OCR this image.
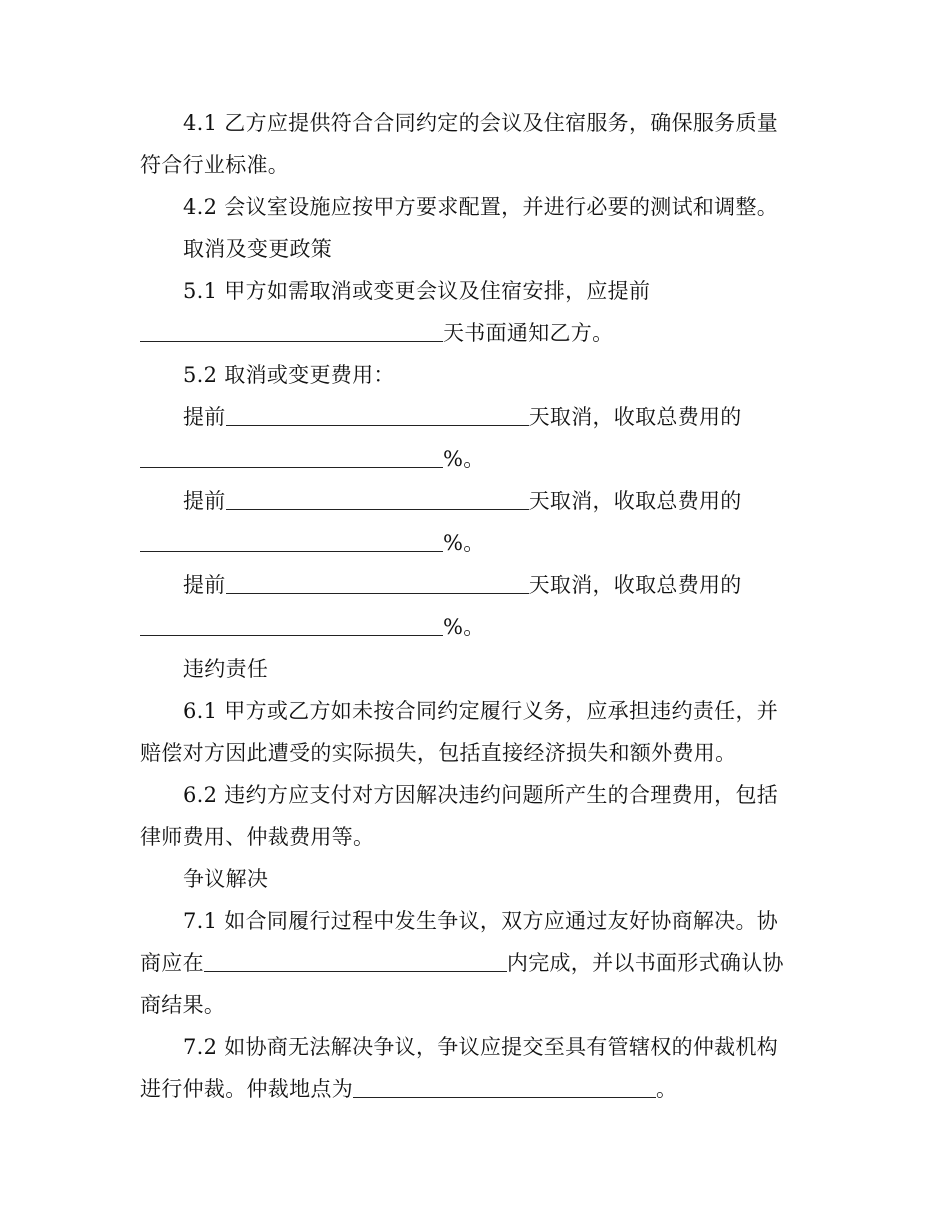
4.1 乙方应提供符合合同约定的会议及住宿服务，确保服务质量
符合行业标准。
4.2 会议室设施应按甲方要求配置，并进行必要的测试和调整。
取消及变更政策
5.1 甲方如需取消或变更会议及住宿安排，应提前
天书面通知乙方。
5.2 取消或变更费用：
提前	天取消，收取总费用的
%。
提前	天取消，收取总费用的
%。
提前	天取消，收取总费用的
%。
违约责任
6.1 甲方或乙方如未按合同约定履行义务，应承担违约责任，并
赔偿对方因此遭受的实际损失，包括直接经济损失和额外费用。
6.2 违约方应支付对方因解决违约问题所产生的合理费用，包括
律师费用、仲裁费用等。
争议解决
7.1 如合同履行过程中发生争议，双方应通过友好协商解决。协
商应在	内完成，并以书面形式确认协
商结果。
7.2 如协商无法解决争议，争议应提交至具有管辖权的仲裁机构
进行仲裁。仲裁地点为	。
